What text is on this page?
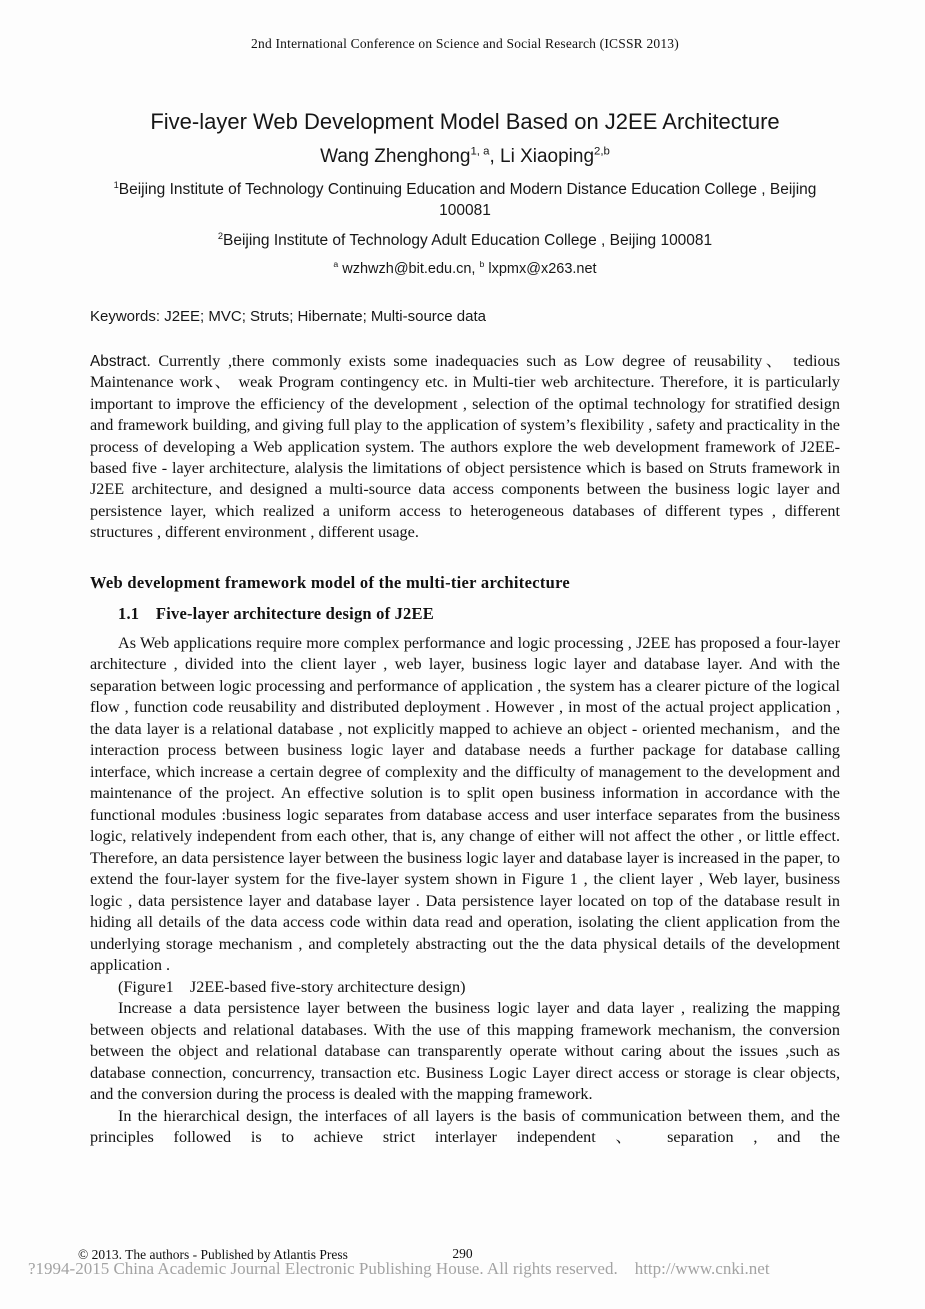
2nd International Conference on Science and Social Research (ICSSR 2013)
Five-layer Web Development Model Based on J2EE Architecture
Wang Zhenghong$^{1, a}$, Li Xiaoping$^{2,b}$
$^1$Beijing Institute of Technology Continuing Education and Modern Distance Education College , Beijing 100081
$^2$Beijing Institute of Technology Adult Education College , Beijing 100081
$^a$ wzhwzh@bit.edu.cn, $^b$ lxpmx@x263.net
Keywords: J2EE; MVC; Struts; Hibernate; Multi-source data
Abstract. Currently ,there commonly exists some inadequacies such as Low degree of reusability、 tedious Maintenance work、 weak Program contingency etc. in Multi-tier web architecture. Therefore, it is particularly important to improve the efficiency of the development , selection of the optimal technology for stratified design and framework building, and giving full play to the application of system’s flexibility , safety and practicality in the process of developing a Web application system. The authors explore the web development framework of J2EE-based five - layer architecture, alalysis the limitations of object persistence which is based on Struts framework in J2EE architecture, and designed a multi-source data access components between the business logic layer and persistence layer, which realized a uniform access to heterogeneous databases of different types , different structures , different environment , different usage.
Web development framework model of the multi-tier architecture
1.1 Five-layer architecture design of J2EE

As Web applications require more complex performance and logic processing , J2EE has proposed a four-layer architecture , divided into the client layer , web layer, business logic layer and database layer. And with the separation between logic processing and performance of application , the system has a clearer picture of the logical flow , function code reusability and distributed deployment . However , in most of the actual project application , the data layer is a relational database , not explicitly mapped to achieve an object - oriented mechanism，and the interaction process between business logic layer and database needs a further package for database calling interface, which increase a certain degree of complexity and the difficulty of management to the development and maintenance of the project. An effective solution is to split open business information in accordance with the functional modules :business logic separates from database access and user interface separates from the business logic, relatively independent from each other, that is, any change of either will not affect the other , or little effect. Therefore, an data persistence layer between the business logic layer and database layer is increased in the paper, to extend the four-layer system for the five-layer system shown in Figure 1 , the client layer , Web layer, business logic , data persistence layer and database layer . Data persistence layer located on top of the database result in hiding all details of the data access code within data read and operation, isolating the client application from the underlying storage mechanism , and completely abstracting out the the data physical details of the development application .

(Figure1 J2EE-based five-story architecture design)

Increase a data persistence layer between the business logic layer and data layer , realizing the mapping between objects and relational databases. With the use of this mapping framework mechanism, the conversion between the object and relational database can transparently operate without caring about the issues ,such as database connection, concurrency, transaction etc. Business Logic Layer direct access or storage is clear objects, and the conversion during the process is dealed with the mapping framework.

In the hierarchical design, the interfaces of all layers is the basis of communication between them, and the principles followed is to achieve strict interlayer independent 、 separation , and the

290
© 2013. The authors - Published by Atlantis Press
?1994-2015 China Academic Journal Electronic Publishing House. All rights reserved. http://www.cnki.net
